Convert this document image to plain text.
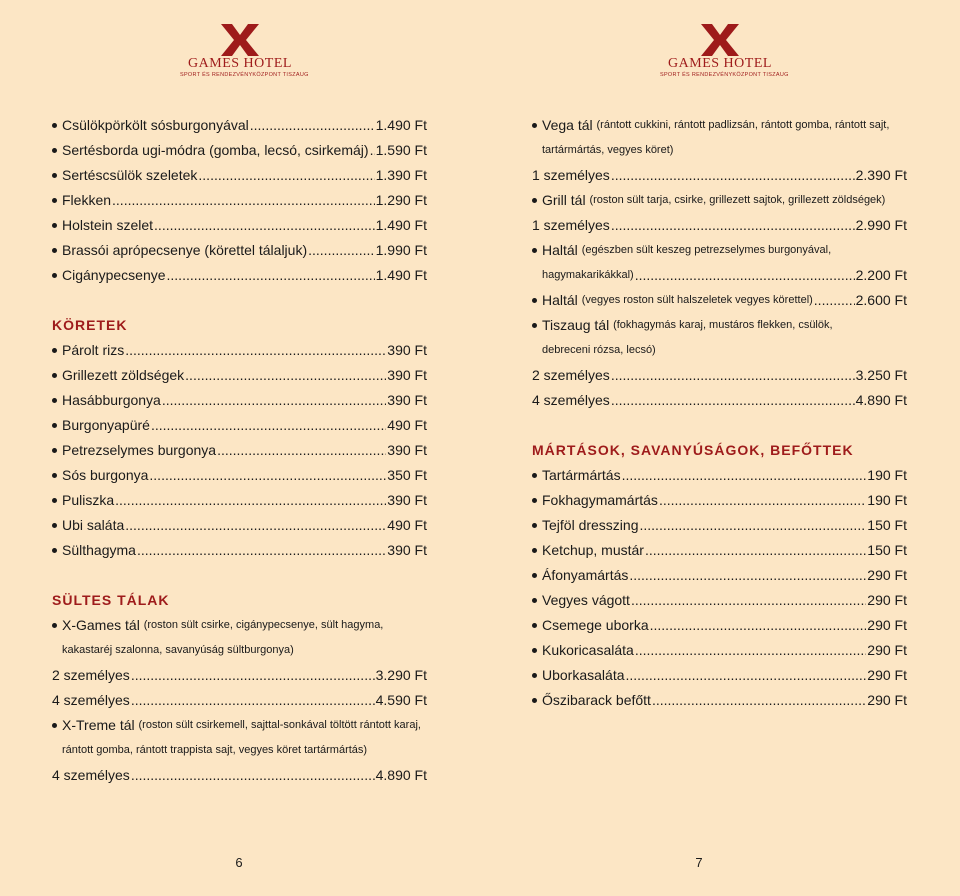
GAMES HOTEL
SPORT ÉS RENDEZVÉNYKÖZPONT TISZAUG
Csülökpörkölt sósburgonyával .....	1.490 Ft
Sertésborda ugi-módra (gomba, lecsó, csirkemáj) ..... 1.590 Ft
Sertéscsülök szeletek .....	1.390 Ft
Flekken .....	1.290 Ft
Holstein szelet .....	1.490 Ft
Brassói aprópecsenye (körettel tálaljuk) .....	1.990 Ft
Cigánypecsenye .....	1.490 Ft
KÖRETEK
Párolt rizs .....	390 Ft
Grillezett zöldségek .....	390 Ft
Hasábburgonya .....	390 Ft
Burgonyapüré .....	490 Ft
Petrezselymes burgonya .....	390 Ft
Sós burgonya .....	350 Ft
Puliszka .....	390 Ft
Ubi saláta .....	490 Ft
Sülthagyma .....	390 Ft
SÜLTES TÁLAK
X-Games tál
(roston sült csirke, cigánypecsenye, sült hagyma,
kakastaréj szalonna, savanyúság sültburgonya)
2 személyes .....	3.290 Ft
4 személyes .....	4.590 Ft
X-Treme tál
(roston sült csirkemell, sajttal-sonkával töltött rántott karaj,
rántott gomba, rántott trappista sajt, vegyes köret tartármártás)
4 személyes .....	4.890 Ft
6
GAMES HOTEL
SPORT ÉS RENDEZVÉNYKÖZPONT TISZAUG
Vega tál
(rántott cukkini, rántott padlizsán, rántott gomba, rántott sajt,
tartármártás, vegyes köret)
1 személyes .....	2.390 Ft
Grill tál
(roston sült tarja, csirke, grillezett sajtok, grillezett zöldségek)
1 személyes .....	2.990 Ft
Haltál
(egészben sült keszeg petrezselymes burgonyával,
hagymakarikákkal) .....	2.200 Ft
Haltál
(vegyes roston sült halszeletek vegyes körettel) .....	2.600 Ft
Tiszaug tál
(fokhagymás karaj, mustáros flekken, csülök,
debreceni rózsa, lecsó)
2 személyes .....	3.250 Ft
4 személyes .....	4.890 Ft
MÁRTÁSOK, SAVANYÚSÁGOK, BEFŐTTEK
Tartármártás .....	190 Ft
Fokhagymamártás .....	190 Ft
Tejföl dresszing .....	150 Ft
Ketchup, mustár .....	150 Ft
Áfonyamártás .....	290 Ft
Vegyes vágott .....	290 Ft
Csemege uborka .....	290 Ft
Kukoricasaláta .....	290 Ft
Uborkasaláta .....	290 Ft
Őszibarack befőtt .....	290 Ft
7
